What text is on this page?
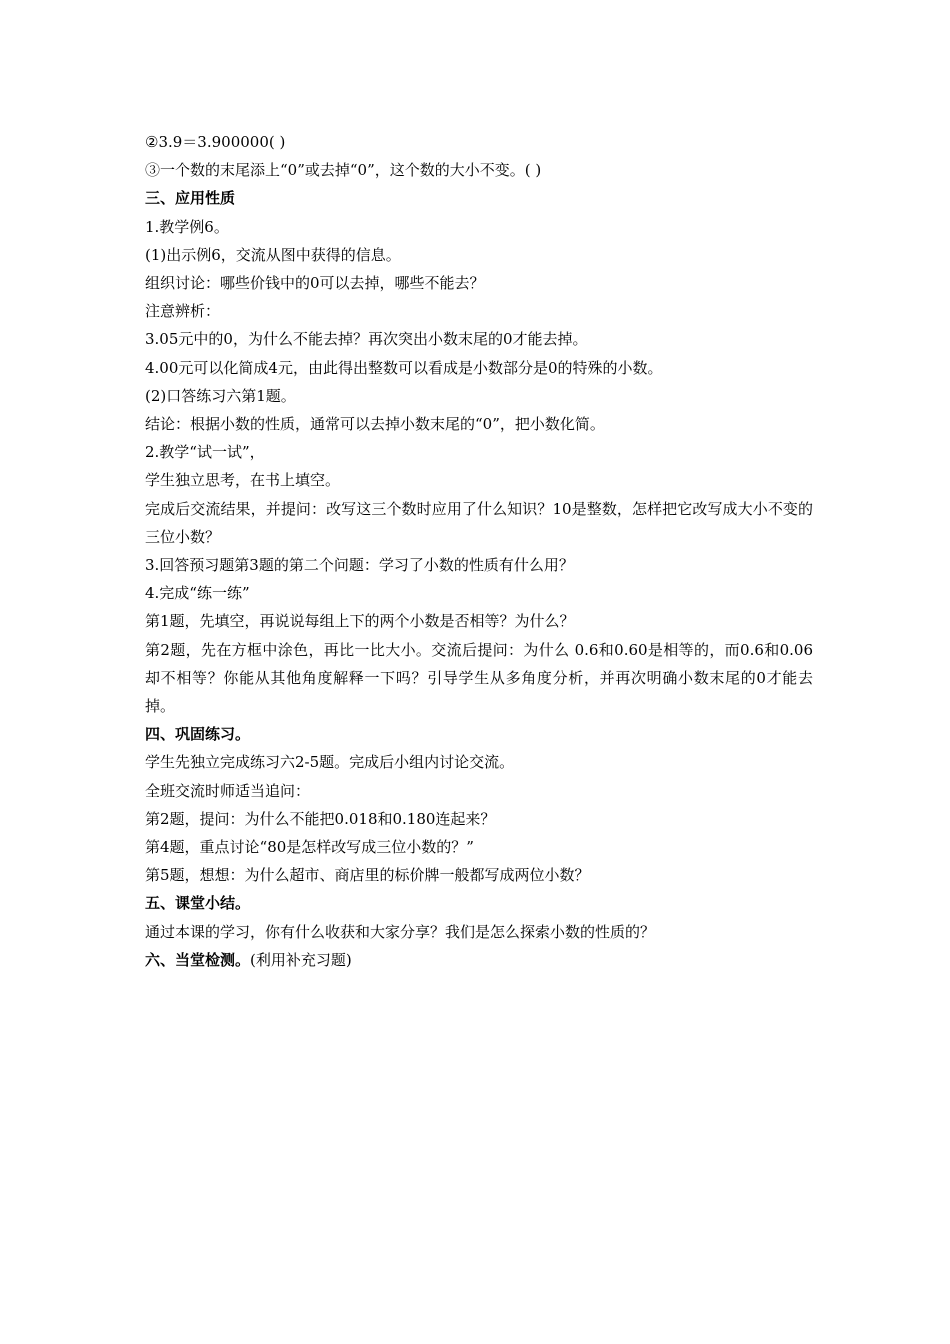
②3.9＝3.900000( )

③一个数的末尾添上“0”或去掉“0”，这个数的大小不变。( )

三、应用性质

1.教学例6。

(1)出示例6，交流从图中获得的信息。

组织讨论：哪些价钱中的0可以去掉，哪些不能去？

注意辨析：

3.05元中的0，为什么不能去掉？再次突出小数末尾的0才能去掉。

4.00元可以化简成4元，由此得出整数可以看成是小数部分是0的特殊的小数。

(2)口答练习六第1题。

结论：根据小数的性质，通常可以去掉小数末尾的“0”，把小数化简。

2.教学“试一试”，

学生独立思考，在书上填空。

完成后交流结果，并提问：改写这三个数时应用了什么知识？10是整数，怎样把它改写成大小不变的三位小数？

3.回答预习题第3题的第二个问题：学习了小数的性质有什么用？

4.完成“练一练”

第1题，先填空，再说说每组上下的两个小数是否相等？为什么？

第2题，先在方框中涂色，再比一比大小。交流后提问：为什么 0.6和0.60是相等的，而0.6和0.06却不相等？你能从其他角度解释一下吗？引导学生从多角度分析，并再次明确小数末尾的0才能去掉。

四、巩固练习。

学生先独立完成练习六2-5题。完成后小组内讨论交流。

全班交流时师适当追问：

第2题，提问：为什么不能把0.018和0.180连起来？

第4题，重点讨论“80是怎样改写成三位小数的？”

第5题，想想：为什么超市、商店里的标价牌一般都写成两位小数？

五、课堂小结。

通过本课的学习，你有什么收获和大家分享？我们是怎么探索小数的性质的？

六、当堂检测。(利用补充习题)
